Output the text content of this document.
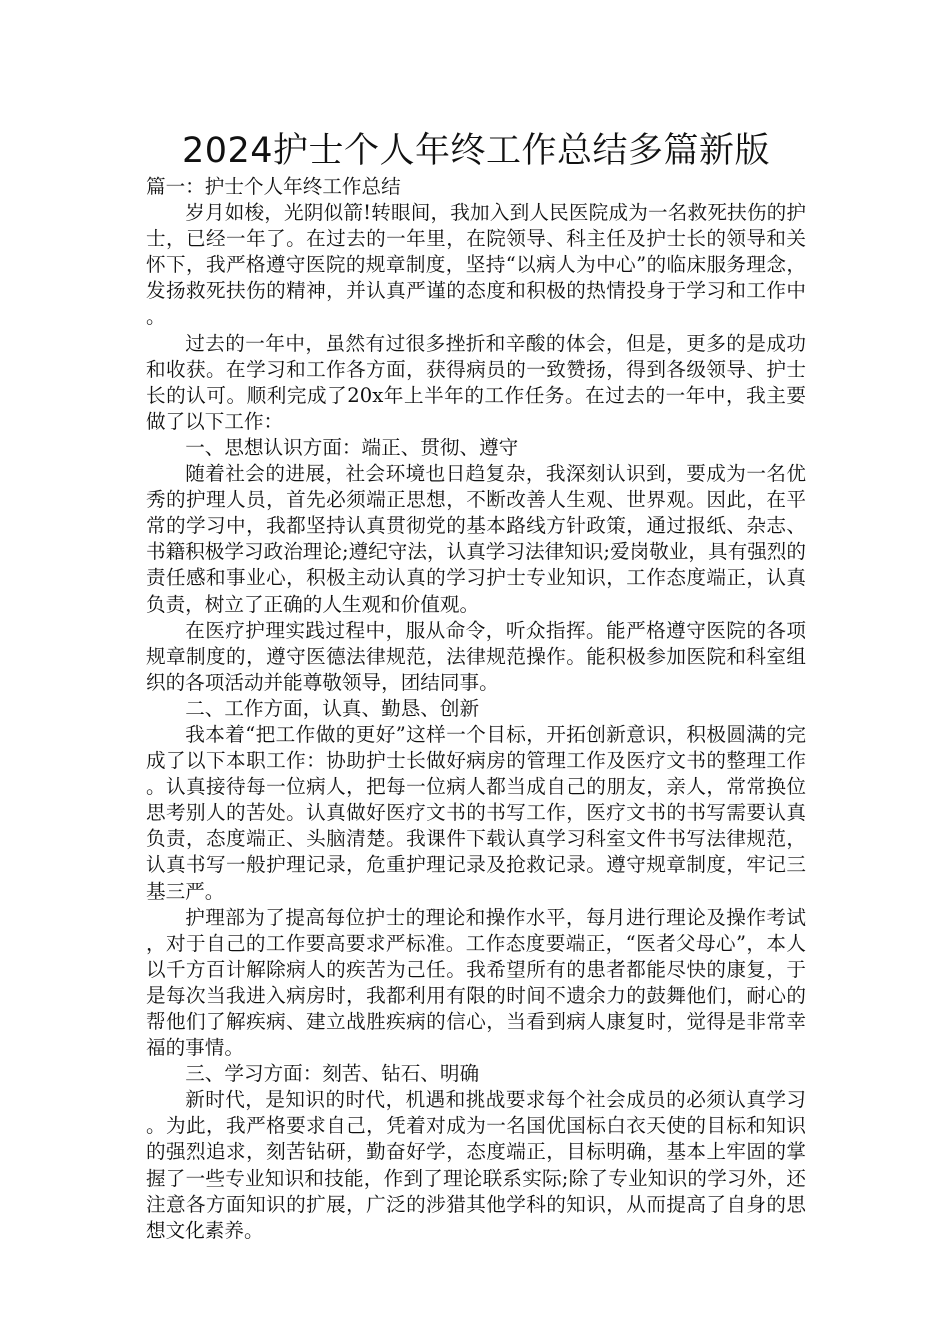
2024护士个人年终工作总结多篇新版

篇一：护士个人年终工作总结

岁月如梭，光阴似箭!转眼间，我加入到人民医院成为一名救死扶伤的护士，已经一年了。在过去的一年里，在院领导、科主任及护士长的领导和关怀下，我严格遵守医院的规章制度，坚持“以病人为中心”的临床服务理念，发扬救死扶伤的精神，并认真严谨的态度和积极的热情投身于学习和工作中。

过去的一年中，虽然有过很多挫折和辛酸的体会，但是，更多的是成功和收获。在学习和工作各方面，获得病员的一致赞扬，得到各级领导、护士长的认可。顺利完成了20x年上半年的工作任务。在过去的一年中，我主要做了以下工作：

一、思想认识方面：端正、贯彻、遵守

随着社会的进展，社会环境也日趋复杂，我深刻认识到，要成为一名优秀的护理人员，首先必须端正思想，不断改善人生观、世界观。因此，在平常的学习中，我都坚持认真贯彻党的基本路线方针政策，通过报纸、杂志、书籍积极学习政治理论;遵纪守法，认真学习法律知识;爱岗敬业，具有强烈的责任感和事业心，积极主动认真的学习护士专业知识，工作态度端正，认真负责，树立了正确的人生观和价值观。

在医疗护理实践过程中，服从命令，听众指挥。能严格遵守医院的各项规章制度的，遵守医德法律规范，法律规范操作。能积极参加医院和科室组织的各项活动并能尊敬领导，团结同事。

二、工作方面，认真、勤恳、创新

我本着“把工作做的更好”这样一个目标，开拓创新意识，积极圆满的完成了以下本职工作：协助护士长做好病房的管理工作及医疗文书的整理工作。认真接待每一位病人，把每一位病人都当成自己的朋友，亲人，常常换位思考别人的苦处。认真做好医疗文书的书写工作，医疗文书的书写需要认真负责，态度端正、头脑清楚。我课件下载认真学习科室文件书写法律规范，认真书写一般护理记录，危重护理记录及抢救记录。遵守规章制度，牢记三基三严。

护理部为了提高每位护士的理论和操作水平，每月进行理论及操作考试，对于自己的工作要高要求严标准。工作态度要端正，“医者父母心”，本人以千方百计解除病人的疾苦为己任。我希望所有的患者都能尽快的康复，于是每次当我进入病房时，我都利用有限的时间不遗余力的鼓舞他们，耐心的帮他们了解疾病、建立战胜疾病的信心，当看到病人康复时，觉得是非常幸福的事情。

三、学习方面：刻苦、钻石、明确

新时代，是知识的时代，机遇和挑战要求每个社会成员的必须认真学习。为此，我严格要求自己，凭着对成为一名国优国标白衣天使的目标和知识的强烈追求，刻苦钻研，勤奋好学，态度端正，目标明确，基本上牢固的掌握了一些专业知识和技能，作到了理论联系实际;除了专业知识的学习外，还注意各方面知识的扩展，广泛的涉猎其他学科的知识，从而提高了自身的思想文化素养。
